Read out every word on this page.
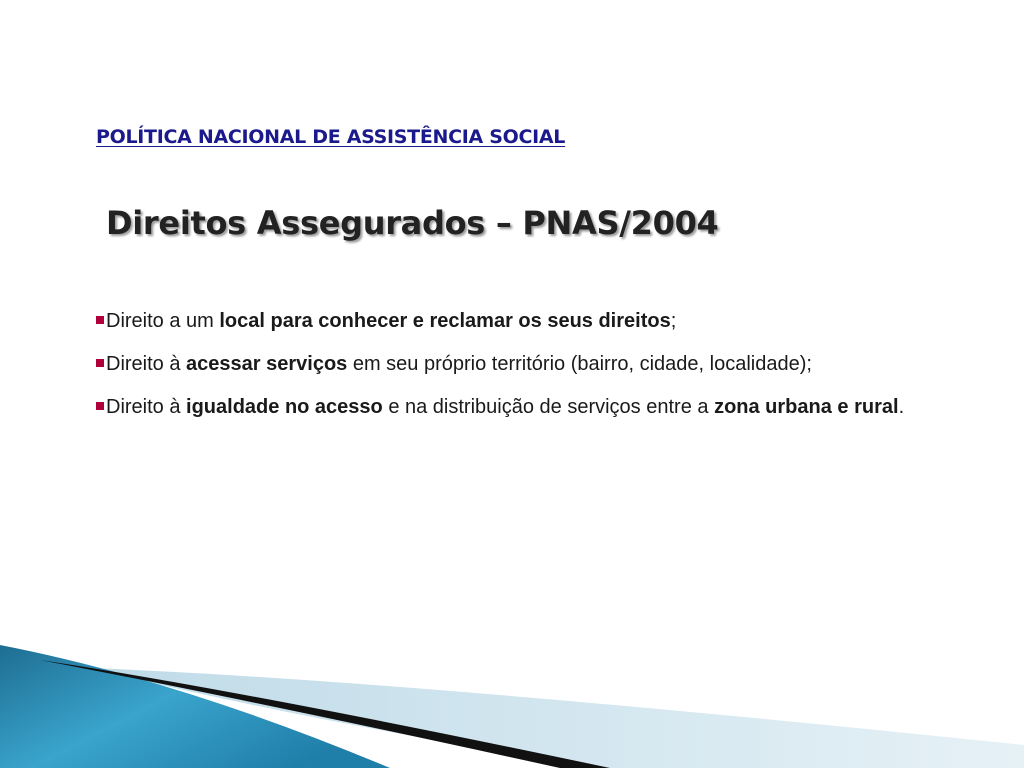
POLÍTICA NACIONAL DE ASSISTÊNCIA SOCIAL

Direitos Assegurados – PNAS/2004
Direito a um local para conhecer e reclamar os seus direitos;
Direito à acessar serviços em seu próprio território (bairro, cidade, localidade);
Direito à igualdade no acesso e na distribuição de serviços entre a zona urbana e rural.
